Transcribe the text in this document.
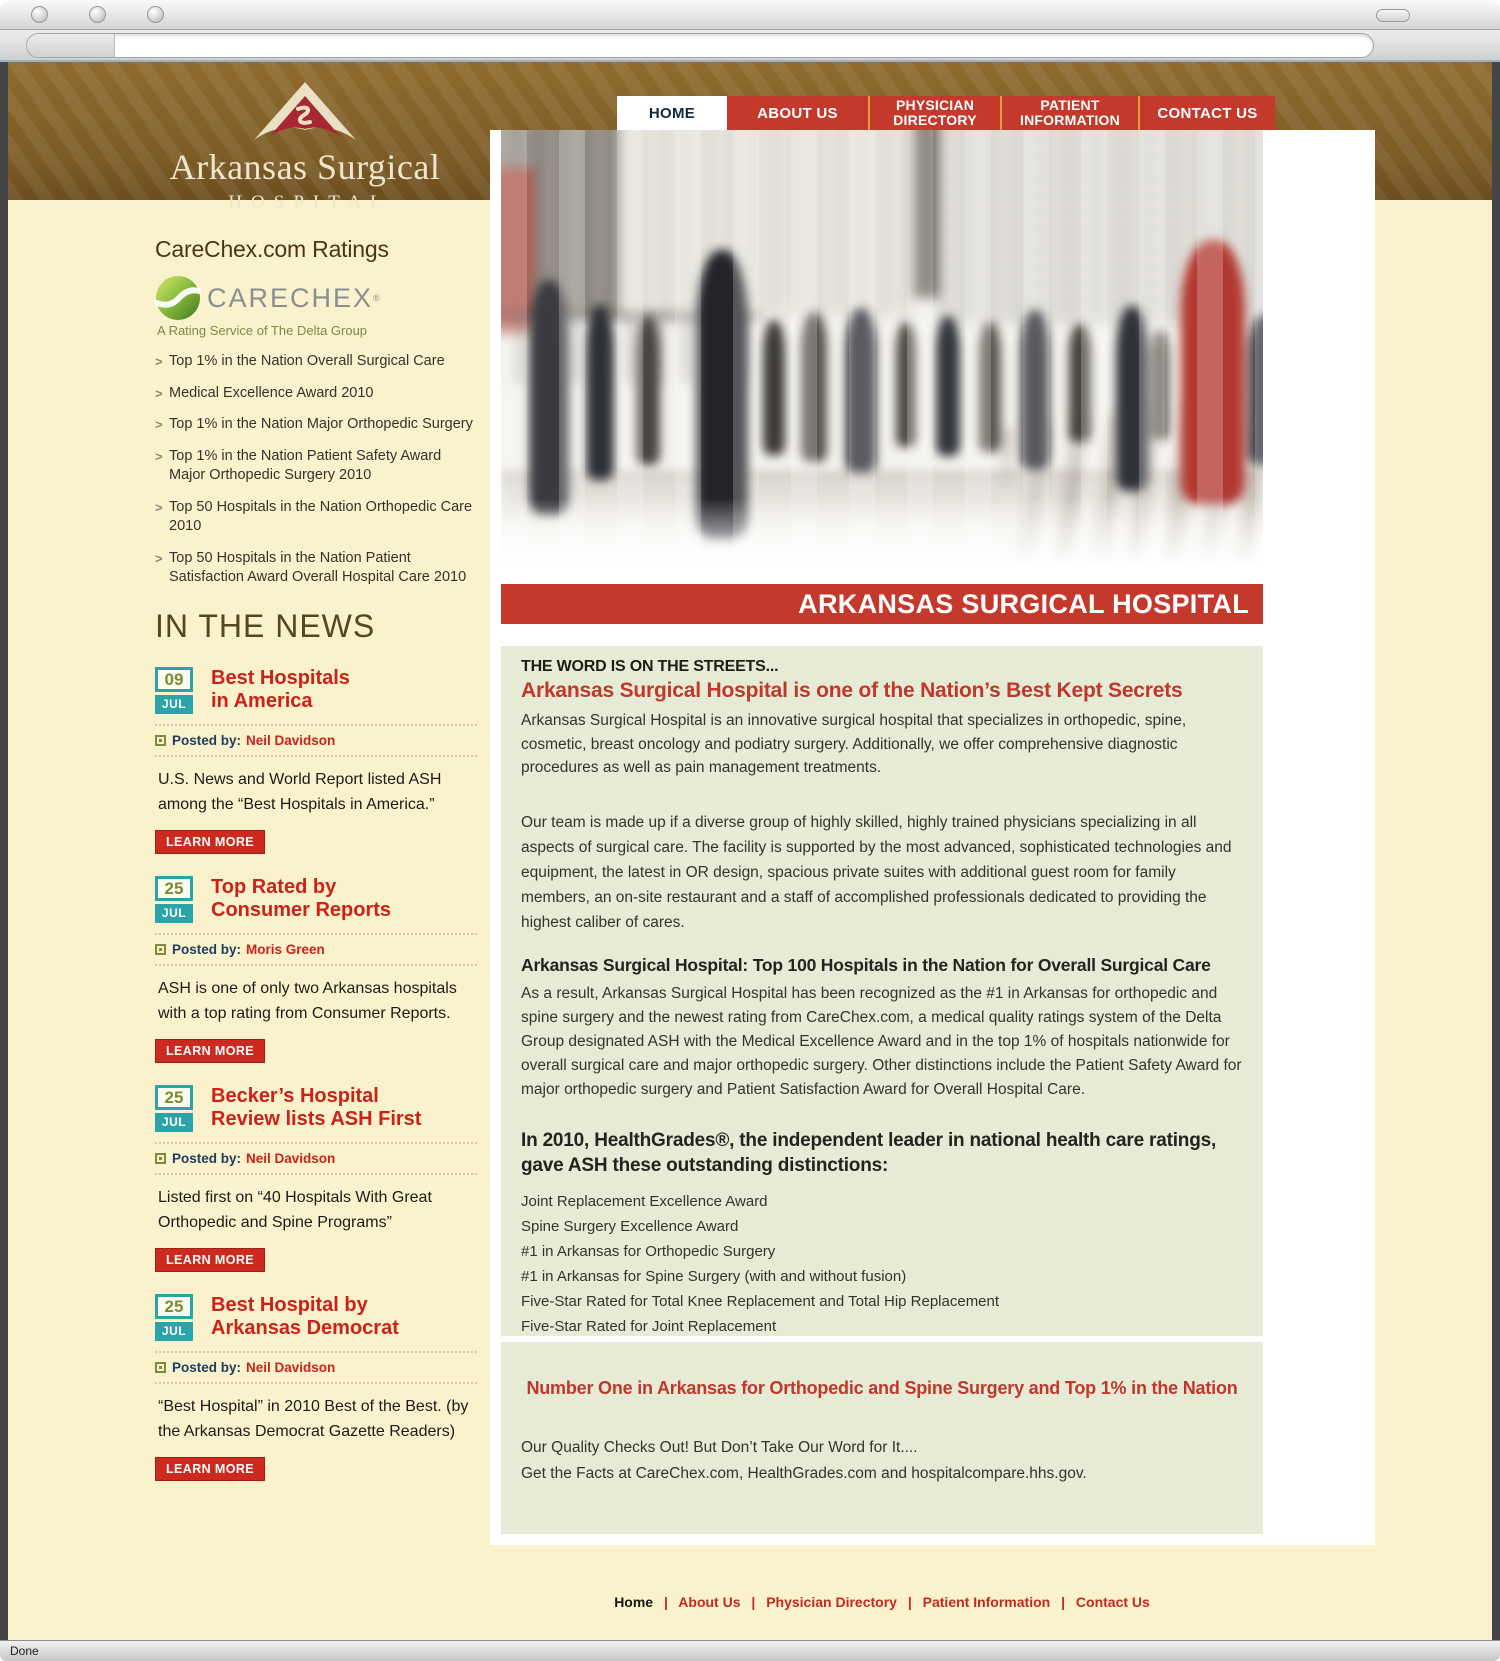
Arkansas Surgical
HOSPITAL
HOME	ABOUT US	PHYSICIAN
DIRECTORY
PATIENT
INFORMATION CONTACT US
CareChex.com Ratings
CARECHEX ®
A Rating Service of The Delta Group
> Top 1% in the Nation Overall Surgical Care
> Medical Excellence Award 2010
> Top 1% in the Nation Major Orthopedic Surgery
> Top 1% in the Nation Patient Safety Award Major Orthopedic Surgery 2010
> Top 50 Hospitals in the Nation Orthopedic Care 2010
> Top 50 Hospitals in the Nation Patient Satisfaction Award Overall Hospital Care 2010
IN THE NEWS
09
JUL
Best Hospitals
in America
Posted by: Neil Davidson
U.S. News and World Report listed ASH among the “Best Hospitals in America.”
LEARN MORE
25
JUL
Top Rated by
Consumer Reports
Posted by: Moris Green
ASH is one of only two Arkansas hospitals with a top rating from Consumer Reports.
LEARN MORE
25
JUL
Becker’s Hospital
Review lists ASH First
Posted by: Neil Davidson
Listed first on “40 Hospitals With Great Orthopedic and Spine Programs”
LEARN MORE
25
JUL
Best Hospital by
Arkansas Democrat
Posted by: Neil Davidson
“Best Hospital” in 2010 Best of the Best. (by the Arkansas Democrat Gazette Readers)
LEARN MORE
ARKANSAS SURGICAL HOSPITAL
THE WORD IS ON THE STREETS...
Arkansas Surgical Hospital is one of the Nation’s Best Kept Secrets

Arkansas Surgical Hospital is an innovative surgical hospital that specializes in orthopedic, spine, cosmetic, breast oncology and podiatry surgery. Additionally, we offer comprehensive diagnostic procedures as well as pain management treatments.

Our team is made up if a diverse group of highly skilled, highly trained physicians specializing in all aspects of surgical care. The facility is supported by the most advanced, sophisticated technologies and equipment, the latest in OR design, spacious private suites with additional guest room for family members, an on-site restaurant and a staff of accomplished professionals dedicated to providing the highest caliber of cares.

Arkansas Surgical Hospital: Top 100 Hospitals in the Nation for Overall Surgical Care

As a result, Arkansas Surgical Hospital has been recognized as the #1 in Arkansas for orthopedic and spine surgery and the newest rating from CareChex.com, a medical quality ratings system of the Delta Group designated ASH with the Medical Excellence Award and in the top 1% of hospitals nationwide for overall surgical care and major orthopedic surgery. Other distinctions include the Patient Safety Award for major orthopedic surgery and Patient Satisfaction Award for Overall Hospital Care.

In 2010, HealthGrades®, the independent leader in national health care ratings, gave ASH these outstanding distinctions:
Joint Replacement Excellence Award
Spine Surgery Excellence Award
#1 in Arkansas for Orthopedic Surgery
#1 in Arkansas for Spine Surgery (with and without fusion)
Five-Star Rated for Total Knee Replacement and Total Hip Replacement
Five-Star Rated for Joint Replacement
Number One in Arkansas for Orthopedic and Spine Surgery and Top 1% in the Nation
Our Quality Checks Out! But Don’t Take Our Word for It....
Get the Facts at CareChex.com, HealthGrades.com and hospitalcompare.hhs.gov.
Home | About Us | Physician Directory | Patient Information | Contact Us
Done
